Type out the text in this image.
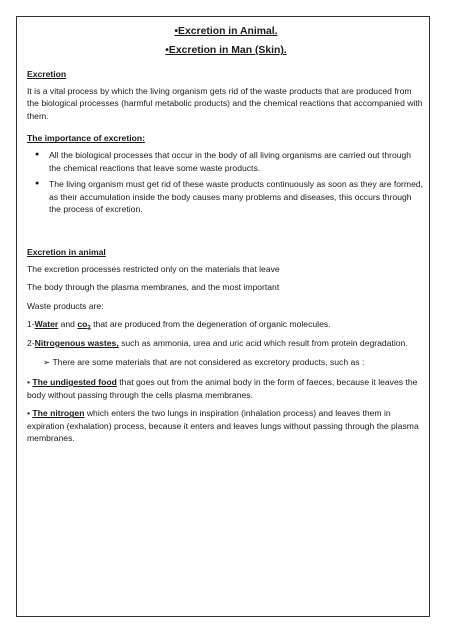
•Excretion in Animal.

•Excretion in Man (Skin).

Excretion

It is a vital process by which the living organism gets rid of the waste products that are produced from the biological processes (harmful metabolic products) and the chemical reactions that accompanied with them.

The importance of excretion:
● All the biological processes that occur in the body of all living organisms are carried out through the chemical reactions that leave some waste products.
● The living organism must get rid of these waste products continuously as soon as they are formed, as their accumulation inside the body causes many problems and diseases, this occurs through the process of excretion.
Excretion in animal

The excretion processes restricted only on the materials that leave

The body through the plasma membranes, and the most important

Waste products are:

1-Water and $co_2$ that are produced from the degeneration of organic molecules.

2-Nitrogenous wastes, such as ammonia, urea and uric acid which result from protein degradation.

➢ There are some materials that are not considered as excretory products, such as :

• The undigested food that goes out from the animal body in the form of faeces, because it leaves the body without passing through the cells plasma membranes.

• The nitrogen which enters the two lungs in inspiration (inhalation process) and leaves them in expiration (exhalation) process, because it enters and leaves lungs without passing through the plasma membranes.
